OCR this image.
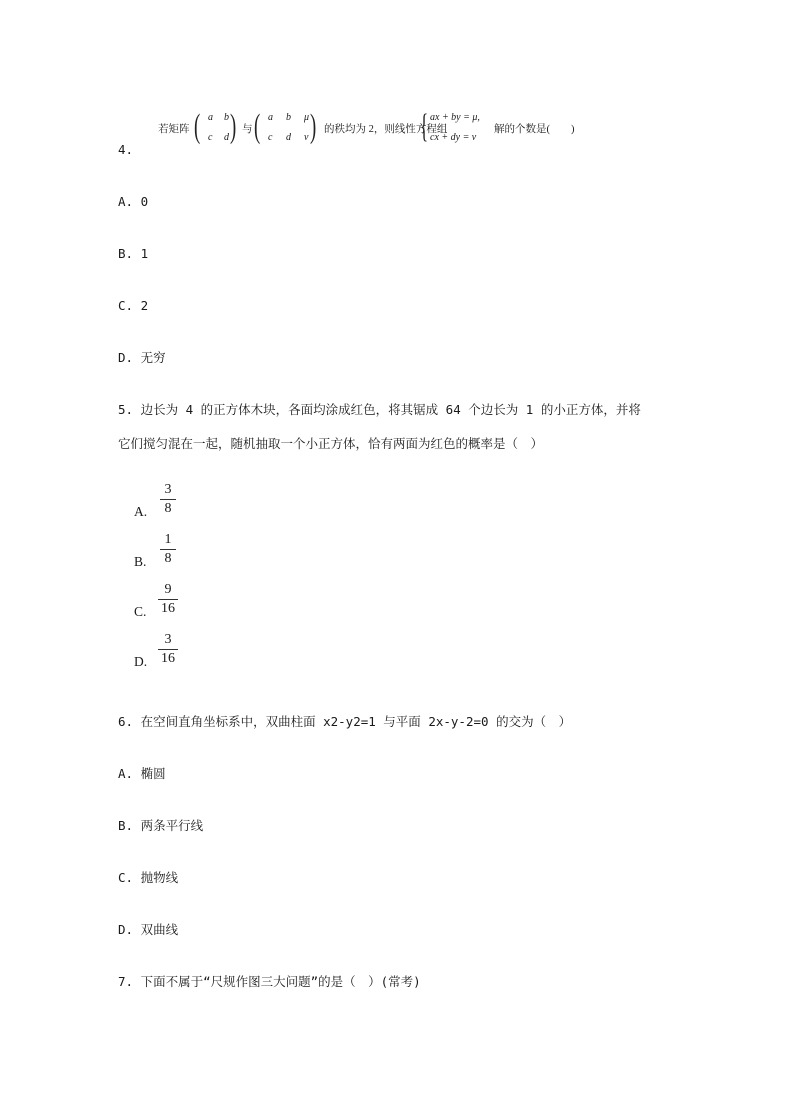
若矩阵 ( a b
c d ) 与 ( a b μ
c d ν ) 的秩均为 2，则线性方程组
{ ax + by = μ,
cx + dy = ν
解的个数是(　　)
4.
A. 0
B. 1
C. 2
D. 无穷
5. 边长为 4 的正方体木块，各面均涂成红色，将其锯成 64 个边长为 1 的小正方体，并将
它们搅匀混在一起，随机抽取一个小正方体，恰有两面为红色的概率是（　）
A.
3
8
B.
1
8
C.
9
16
D.
3
16
6. 在空间直角坐标系中，双曲柱面 x2-y2=1 与平面 2x-y-2=0 的交为（　）
A. 椭圆
B. 两条平行线
C. 抛物线
D. 双曲线
7. 下面不属于“尺规作图三大问题”的是（　）(常考)
